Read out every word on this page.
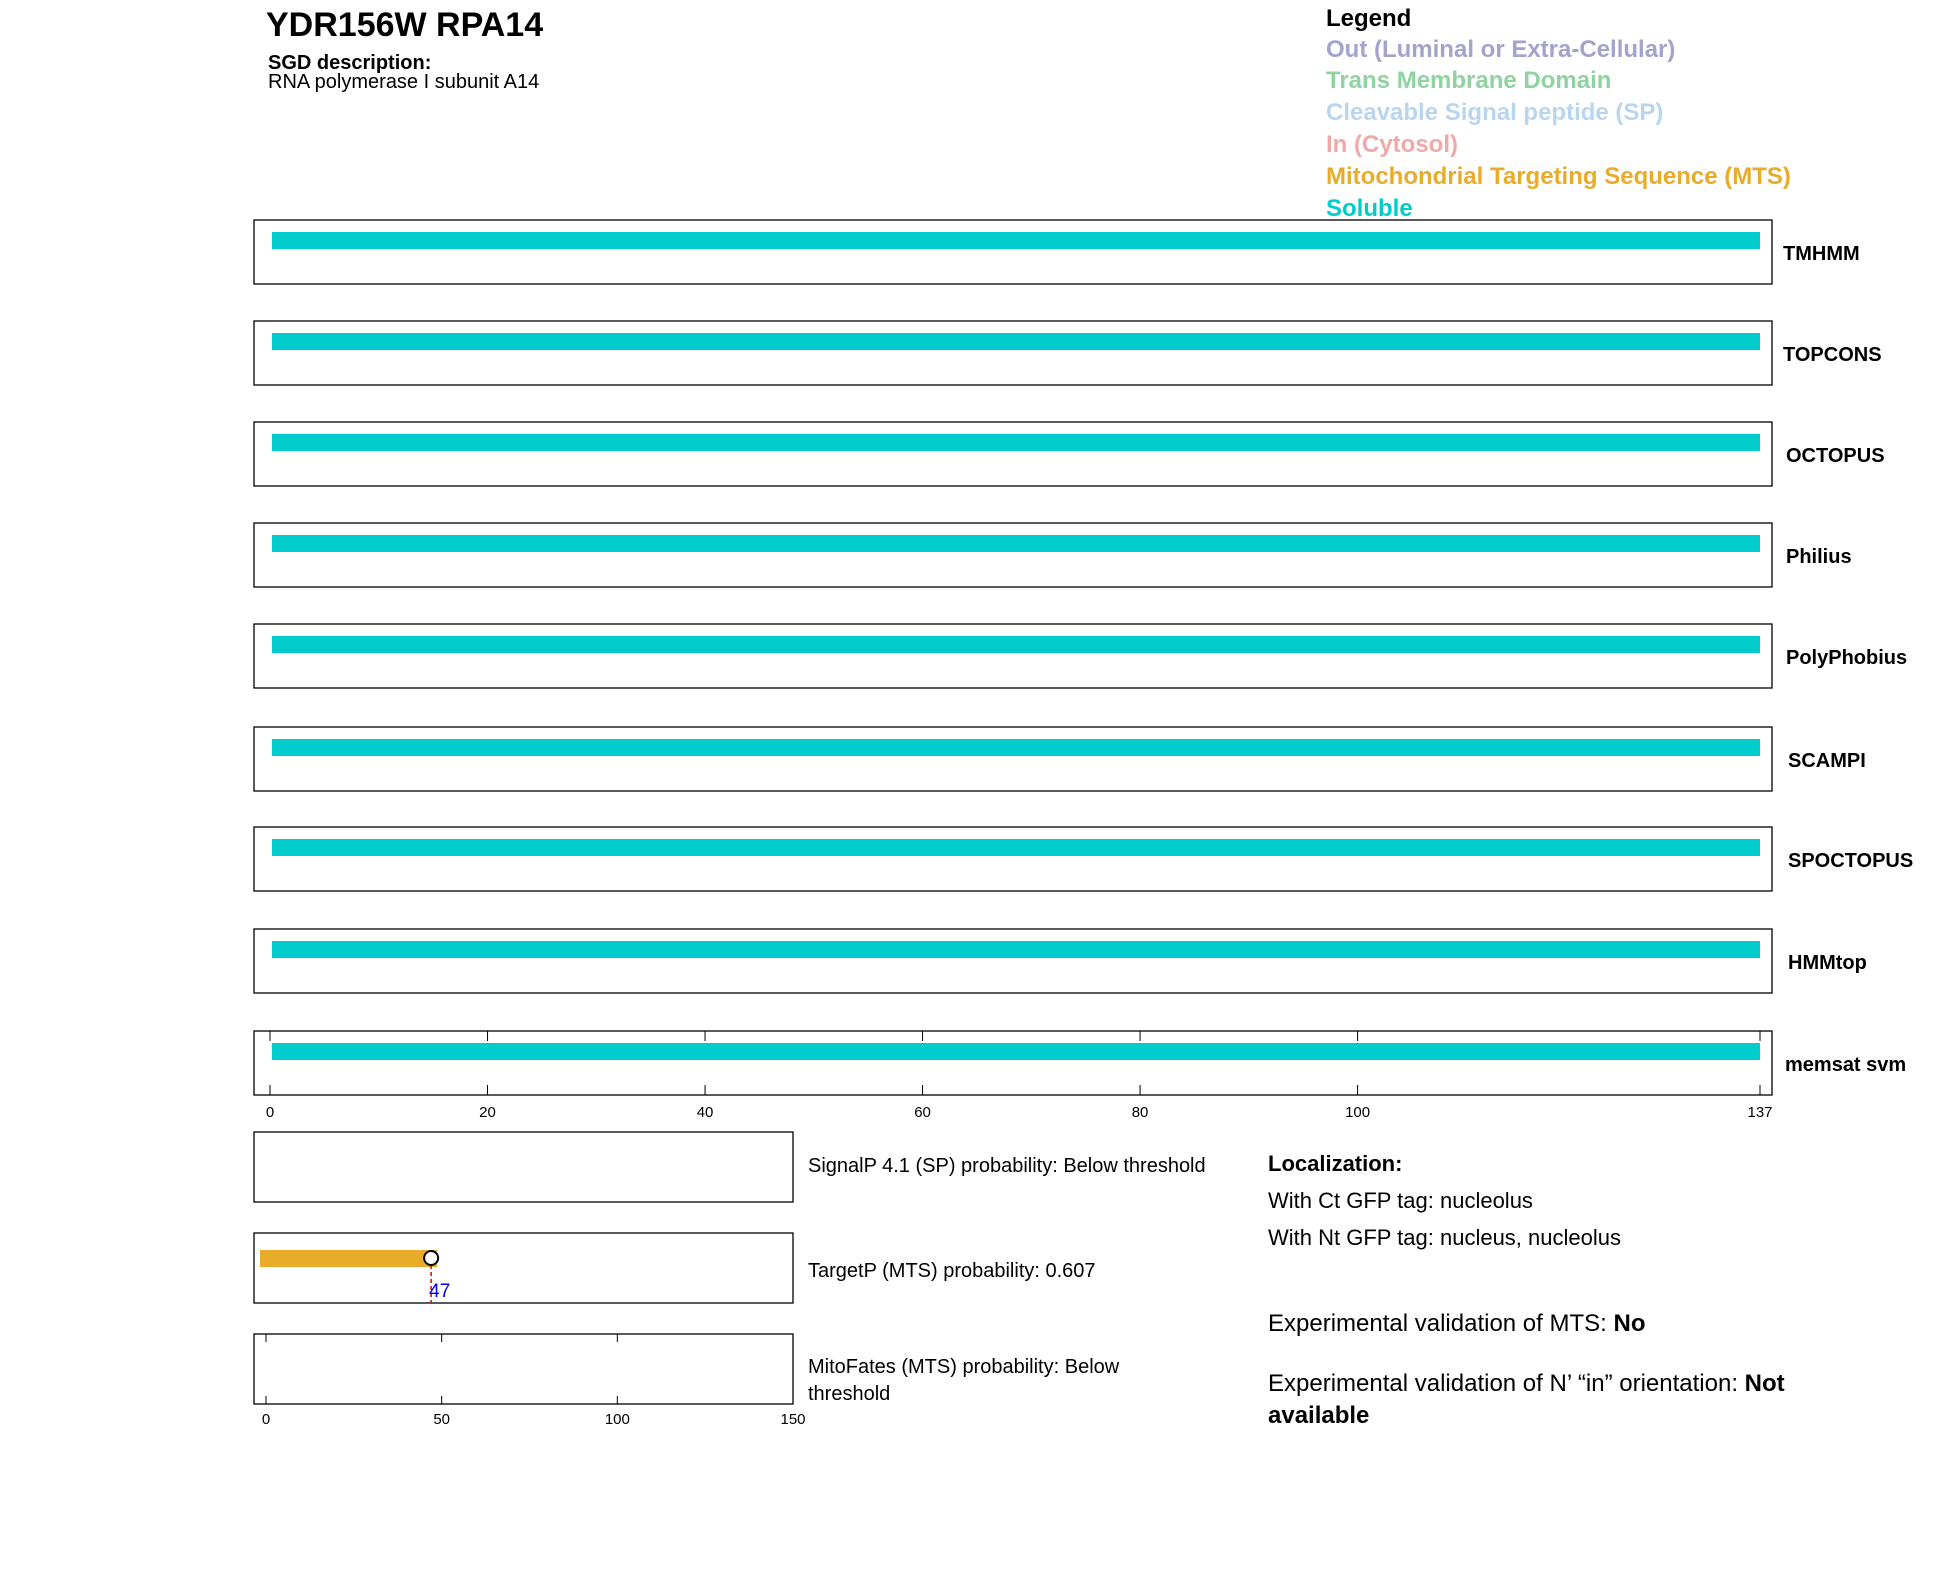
TMHMM
TOPCONS
OCTOPUS
Philius
PolyPhobius
SCAMPI
SPOCTOPUS
HMMtop
memsat svm
0	20	40	60	80	100	137
47
SignalP 4.1 (SP) probability: Below threshold
TargetP (MTS) probability: 0.607
MitoFates (MTS) probability: Below
threshold
0	50	100	150
YDR156W RPA14
SGD description:
RNA polymerase I subunit A14
Legend
Out (Luminal or Extra-Cellular)
Trans Membrane Domain
Cleavable Signal peptide (SP)
In (Cytosol)
Mitochondrial Targeting Sequence (MTS)
Soluble
Localization:
With Ct GFP tag: nucleolus
With Nt GFP tag: nucleus, nucleolus
Experimental validation of MTS: No
Experimental validation of N’ “in” orientation: Not available
